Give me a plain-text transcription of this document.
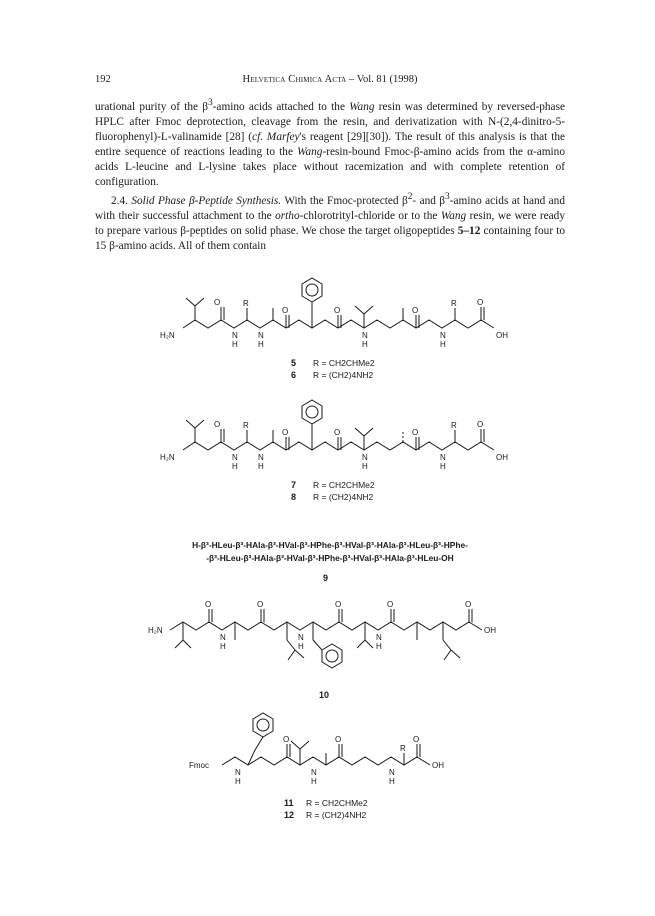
192	Helvetica Chimica Acta – Vol. 81 (1998)

urational purity of the $\beta^3$-amino acids attached to the Wang resin was determined by reversed-phase HPLC after Fmoc deprotection, cleavage from the resin, and derivatization with N-(2,4-dinitro-5-fluorophenyl)-L-valinamide [28] (cf. Marfey's reagent [29][30]). The result of this analysis is that the entire sequence of reactions leading to the Wang-resin-bound Fmoc-β-amino acids from the α-amino acids L-leucine and L-lysine takes place without racemization and with complete retention of configuration.

2.4. Solid Phase β-Peptide Synthesis. With the Fmoc-protected $\beta^2-$ and $\beta^3$-amino acids at hand and with their successful attachment to the ortho-chlorotrityl-chloride or to the Wang resin, we were ready to prepare various β-peptides on solid phase. We chose the target oligopeptides 5–12 containing four to 15 β-amino acids. All of them contain

O
O	O	O
O
R	R
H₂N	N
H
N
H
N
H
N
H
OH
O
O	O	O
O
R	R
H₂N	N
H
N
H
N
H
N
H
OH
O	O	O	O	O
H₂N
N
H
N
H
N
H
OH
O	O	O
R
Fmoc
N
H
N
H
N
H
OH
5 R = CH2CHMe2
6 R = (CH2)4NH2
7 R = CH2CHMe2
8 R = (CH2)4NH2
H-β³-HLeu-β³-HAla-β³-HVal-β³-HPhe-β³-HVal-β³-HAla-β³-HLeu-β³-HPhe-
-β³-HLeu-β³-HAla-β³-HVal-β³-HPhe-β³-HVal-β³-HAla-β³-HLeu-OH
9
10
11 R = CH2CHMe2
12 R = (CH2)4NH2
